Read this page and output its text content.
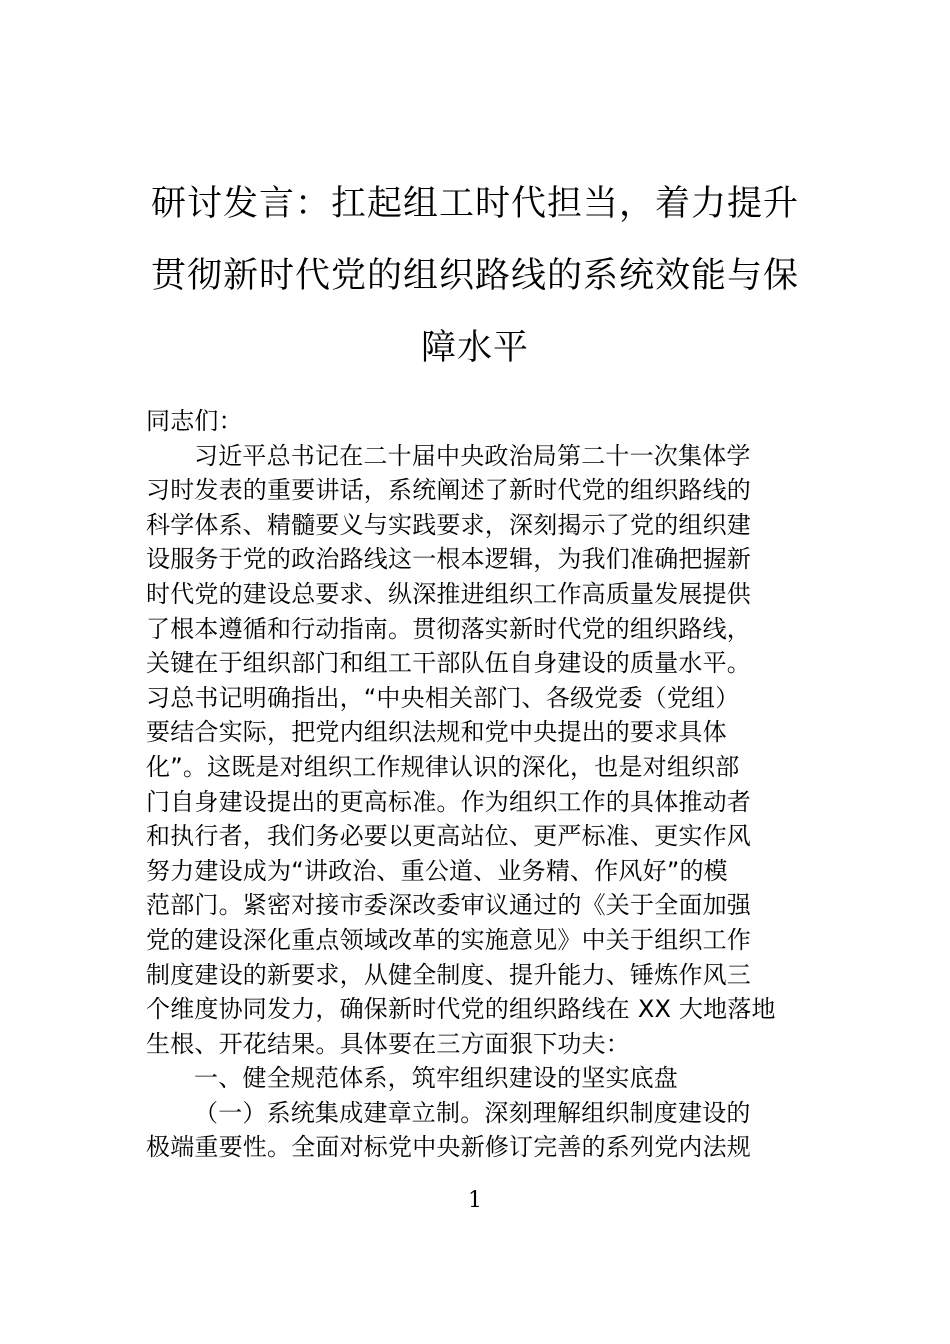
研讨发言：扛起组工时代担当，着力提升
贯彻新时代党的组织路线的系统效能与保
障水平

同志们：

习近平总书记在二十届中央政治局第二十一次集体学
习时发表的重要讲话，系统阐述了新时代党的组织路线的
科学体系、精髓要义与实践要求，深刻揭示了党的组织建
设服务于党的政治路线这一根本逻辑，为我们准确把握新
时代党的建设总要求、纵深推进组织工作高质量发展提供
了根本遵循和行动指南。贯彻落实新时代党的组织路线，
关键在于组织部门和组工干部队伍自身建设的质量水平。
习总书记明确指出，“中央相关部门、各级党委（党组）
要结合实际，把党内组织法规和党中央提出的要求具体
化”。这既是对组织工作规律认识的深化，也是对组织部
门自身建设提出的更高标准。作为组织工作的具体推动者
和执行者，我们务必要以更高站位、更严标准、更实作风
努力建设成为“讲政治、重公道、业务精、作风好”的模
范部门。紧密对接市委深改委审议通过的《关于全面加强
党的建设深化重点领域改革的实施意见》中关于组织工作
制度建设的新要求，从健全制度、提升能力、锤炼作风三
个维度协同发力，确保新时代党的组织路线在 XX 大地落地
生根、开花结果。具体要在三方面狠下功夫：

一、健全规范体系，筑牢组织建设的坚实底盘

（一）系统集成建章立制。深刻理解组织制度建设的
极端重要性。全面对标党中央新修订完善的系列党内法规

1
